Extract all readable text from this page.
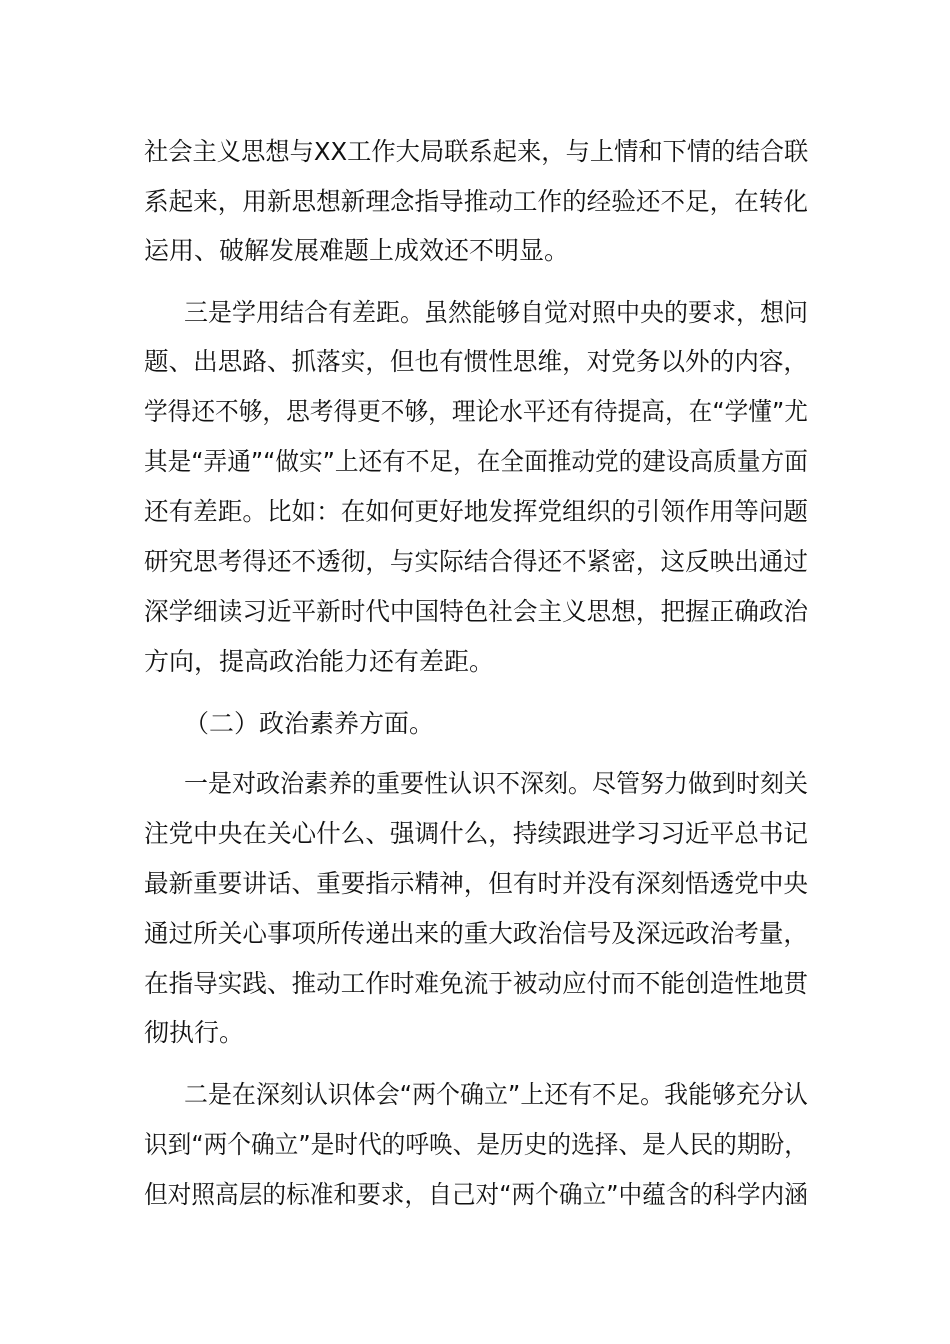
社会主义思想与XX工作大局联系起来，与上情和下情的结合联

系起来，用新思想新理念指导推动工作的经验还不足，在转化

运用、破解发展难题上成效还不明显。

三是学用结合有差距。虽然能够自觉对照中央的要求，想问

题、出思路、抓落实，但也有惯性思维，对党务以外的内容，

学得还不够，思考得更不够，理论水平还有待提高，在“学懂”尤

其是“弄通”“做实”上还有不足，在全面推动党的建设高质量方面

还有差距。比如：在如何更好地发挥党组织的引领作用等问题

研究思考得还不透彻，与实际结合得还不紧密，这反映出通过

深学细读习近平新时代中国特色社会主义思想，把握正确政治

方向，提高政治能力还有差距。

（二）政治素养方面。

一是对政治素养的重要性认识不深刻。尽管努力做到时刻关

注党中央在关心什么、强调什么，持续跟进学习习近平总书记

最新重要讲话、重要指示精神，但有时并没有深刻悟透党中央

通过所关心事项所传递出来的重大政治信号及深远政治考量，

在指导实践、推动工作时难免流于被动应付而不能创造性地贯

彻执行。

二是在深刻认识体会“两个确立”上还有不足。我能够充分认

识到“两个确立”是时代的呼唤、是历史的选择、是人民的期盼，

但对照高层的标准和要求，自己对“两个确立”中蕴含的科学内涵
